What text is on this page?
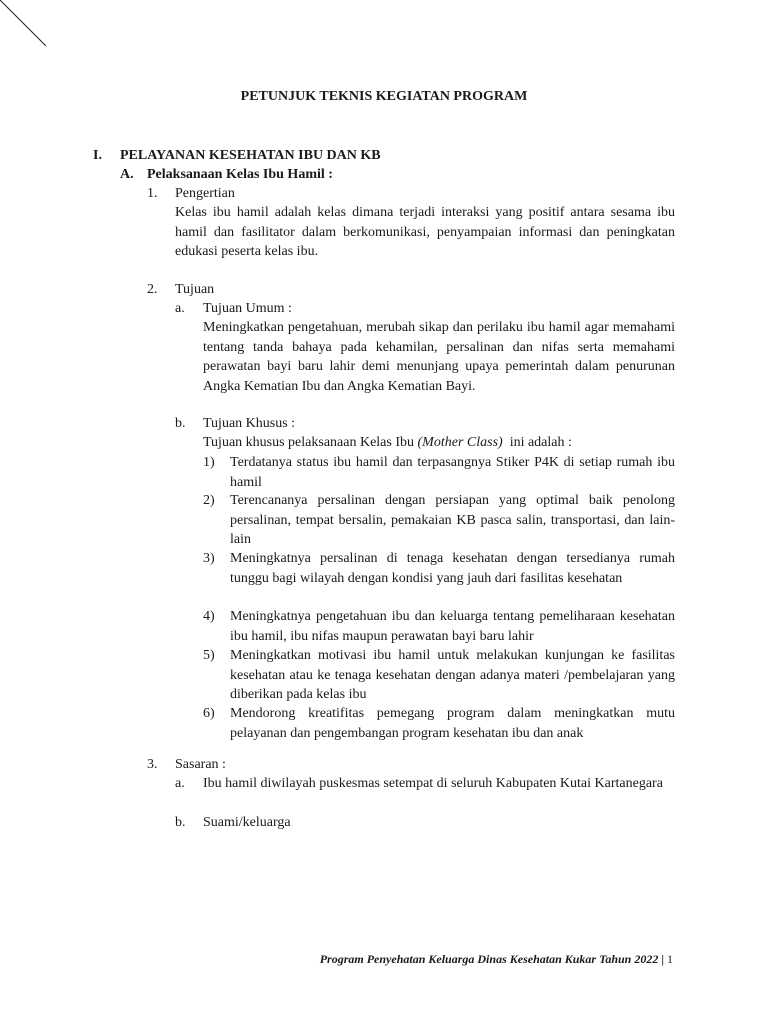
PETUNJUK TEKNIS KEGIATAN PROGRAM
I. PELAYANAN KESEHATAN IBU DAN KB
A. Pelaksanaan Kelas Ibu Hamil :
1. Pengertian
Kelas ibu hamil adalah kelas dimana terjadi interaksi yang positif antara sesama ibu hamil dan fasilitator dalam berkomunikasi, penyampaian informasi dan peningkatan edukasi peserta kelas ibu.
2. Tujuan
a. Tujuan Umum :
Meningkatkan pengetahuan, merubah sikap dan perilaku ibu hamil agar memahami tentang tanda bahaya pada kehamilan, persalinan dan nifas serta memahami perawatan bayi baru lahir demi menunjang upaya pemerintah dalam penurunan Angka Kematian Ibu dan Angka Kematian Bayi.
b. Tujuan Khusus :
Tujuan khusus pelaksanaan Kelas Ibu (Mother Class)  ini adalah :
1) Terdatanya status ibu hamil dan terpasangnya Stiker P4K di setiap rumah ibu hamil
2) Terencananya persalinan dengan persiapan yang optimal baik penolong persalinan, tempat bersalin, pemakaian KB pasca salin, transportasi, dan lain-lain
3) Meningkatnya persalinan di tenaga kesehatan dengan tersedianya rumah tunggu bagi wilayah dengan kondisi yang jauh dari fasilitas kesehatan
4) Meningkatnya pengetahuan ibu dan keluarga tentang pemeliharaan kesehatan ibu hamil, ibu nifas maupun perawatan bayi baru lahir
5) Meningkatkan motivasi ibu hamil untuk melakukan kunjungan ke fasilitas kesehatan atau ke tenaga kesehatan dengan adanya materi /pembelajaran yang diberikan pada kelas ibu
6) Mendorong kreatifitas pemegang program dalam meningkatkan mutu pelayanan dan pengembangan program kesehatan ibu dan anak
3. Sasaran :
a. Ibu hamil diwilayah puskesmas setempat di seluruh Kabupaten Kutai Kartanegara
b. Suami/keluarga
Program Penyehatan Keluarga Dinas Kesehatan Kukar Tahun 2022 | 1
